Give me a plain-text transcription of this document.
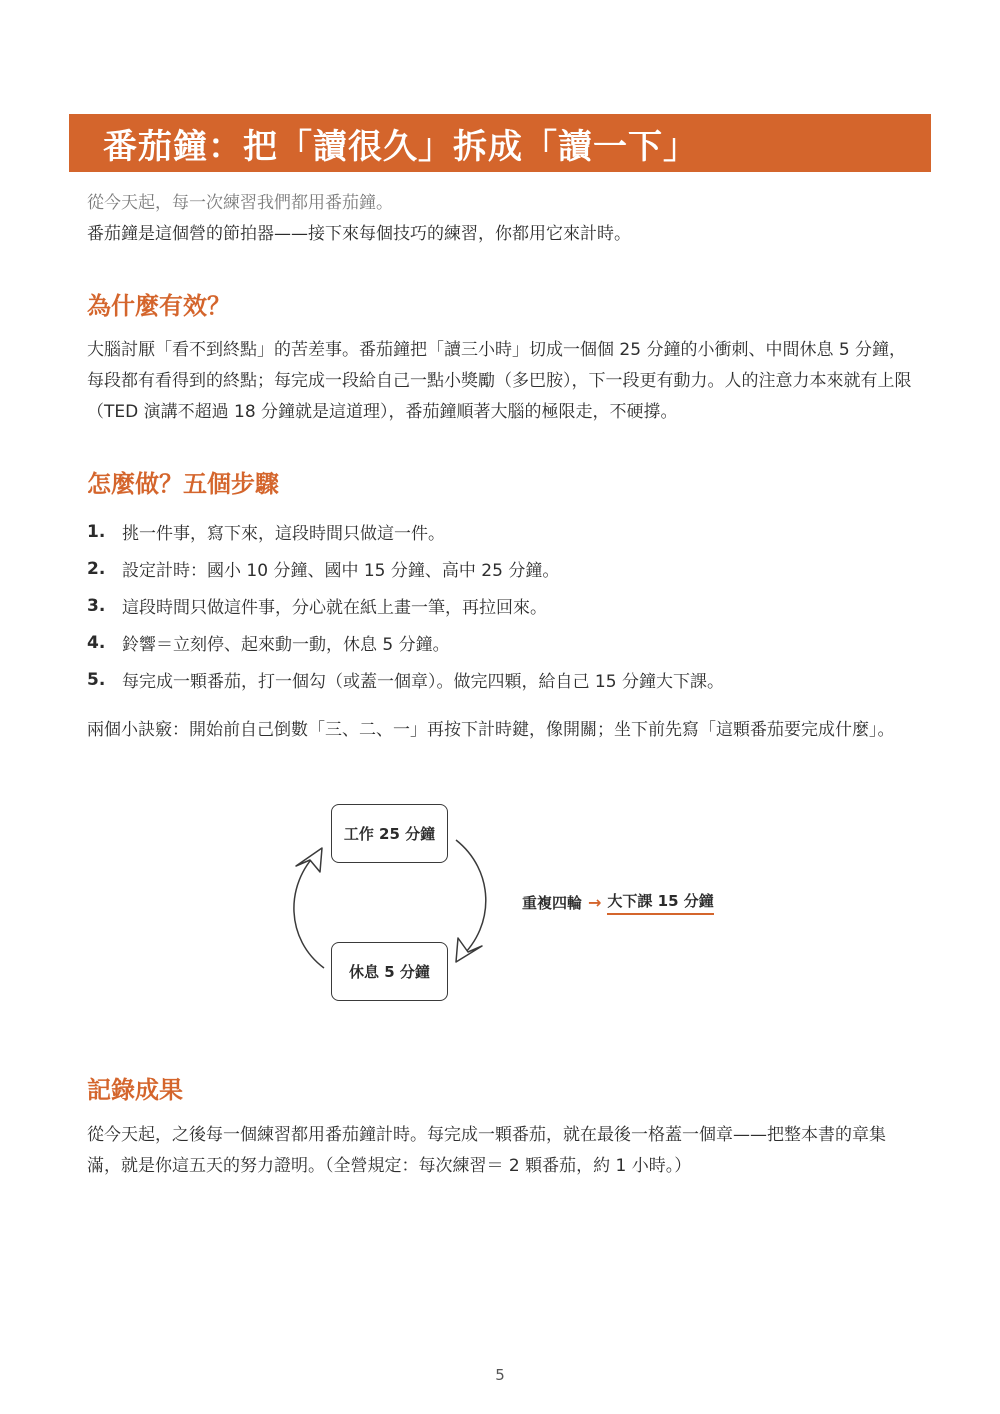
番茄鐘：把「讀很久」拆成「讀一下」

從今天起，每一次練習我們都用番茄鐘。

番茄鐘是這個營的節拍器——接下來每個技巧的練習，你都用它來計時。

為什麼有效？

大腦討厭「看不到終點」的苦差事。番茄鐘把「讀三小時」切成一個個 25 分鐘的小衝刺、中間休息 5 分鐘，每段都有看得到的終點；每完成一段給自己一點小獎勵（多巴胺），下一段更有動力。人的注意力本來就有上限（TED 演講不超過 18 分鐘就是這道理），番茄鐘順著大腦的極限走，不硬撐。

怎麼做？五個步驟
1. 挑一件事，寫下來，這段時間只做這一件。
2. 設定計時：國小 10 分鐘、國中 15 分鐘、高中 25 分鐘。
3. 這段時間只做這件事，分心就在紙上畫一筆，再拉回來。
4. 鈴響＝立刻停、起來動一動，休息 5 分鐘。
5. 每完成一顆番茄，打一個勾（或蓋一個章）。做完四顆，給自己 15 分鐘大下課。

兩個小訣竅：開始前自己倒數「三、二、一」再按下計時鍵，像開關；坐下前先寫「這顆番茄要完成什麼」。

工作 25 分鐘
休息 5 分鐘
重複四輪 → 大下課 15 分鐘
記錄成果

從今天起，之後每一個練習都用番茄鐘計時。每完成一顆番茄，就在最後一格蓋一個章——把整本書的章集滿，就是你這五天的努力證明。（全營規定：每次練習＝ 2 顆番茄，約 1 小時。）

5
